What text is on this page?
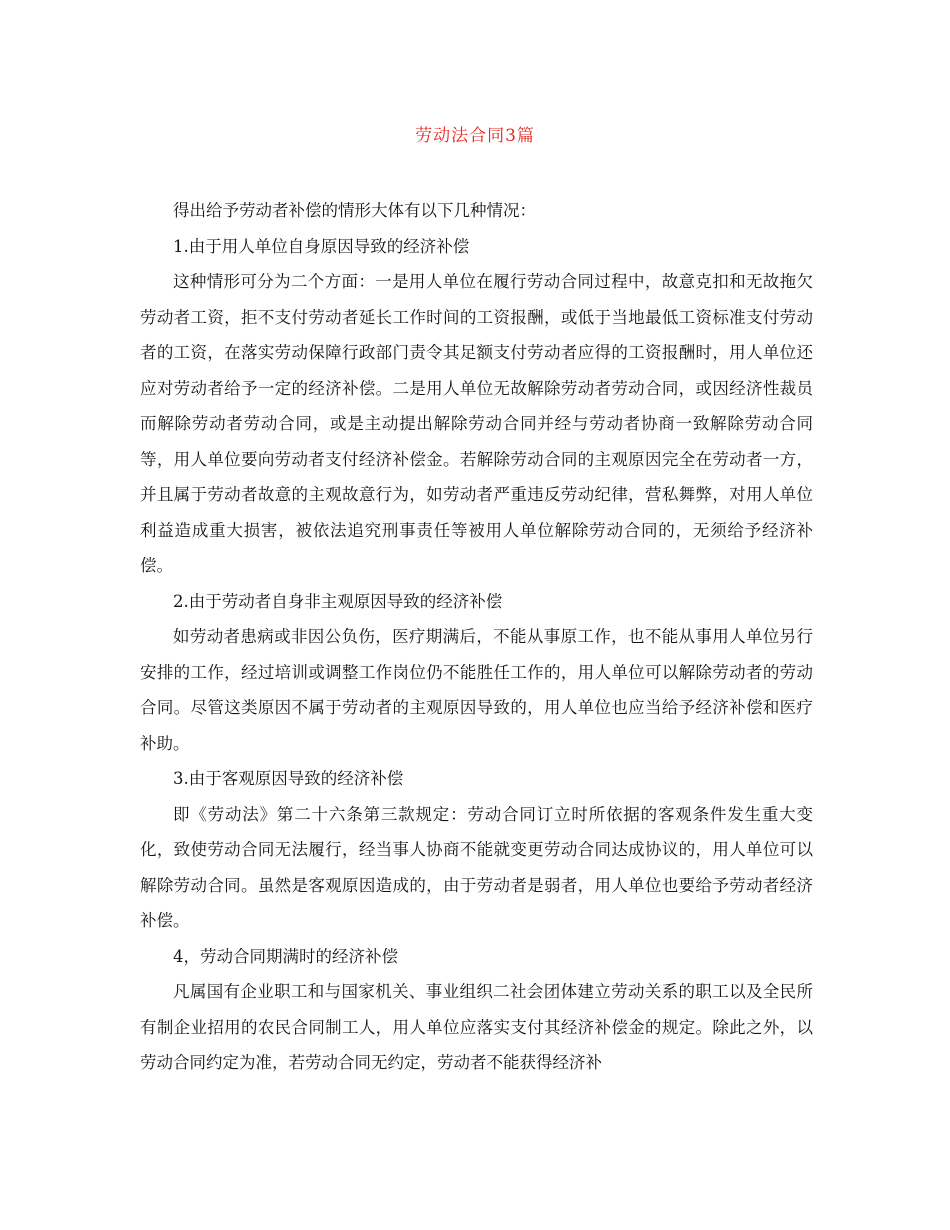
劳动法合同3篇

得出给予劳动者补偿的情形大体有以下几种情况：

1.由于用人单位自身原因导致的经济补偿

这种情形可分为二个方面：一是用人单位在履行劳动合同过程中，故意克扣和无故拖欠劳动者工资，拒不支付劳动者延长工作时间的工资报酬，或低于当地最低工资标准支付劳动者的工资，在落实劳动保障行政部门责令其足额支付劳动者应得的工资报酬时，用人单位还应对劳动者给予一定的经济补偿。二是用人单位无故解除劳动者劳动合同，或因经济性裁员而解除劳动者劳动合同，或是主动提出解除劳动合同并经与劳动者协商一致解除劳动合同等，用人单位要向劳动者支付经济补偿金。若解除劳动合同的主观原因完全在劳动者一方，并且属于劳动者故意的主观故意行为，如劳动者严重违反劳动纪律，营私舞弊，对用人单位利益造成重大损害，被依法追究刑事责任等被用人单位解除劳动合同的，无须给予经济补偿。

2.由于劳动者自身非主观原因导致的经济补偿

如劳动者患病或非因公负伤，医疗期满后，不能从事原工作，也不能从事用人单位另行安排的工作，经过培训或调整工作岗位仍不能胜任工作的，用人单位可以解除劳动者的劳动合同。尽管这类原因不属于劳动者的主观原因导致的，用人单位也应当给予经济补偿和医疗补助。

3.由于客观原因导致的经济补偿

即《劳动法》第二十六条第三款规定：劳动合同订立时所依据的客观条件发生重大变化，致使劳动合同无法履行，经当事人协商不能就变更劳动合同达成协议的，用人单位可以解除劳动合同。虽然是客观原因造成的，由于劳动者是弱者，用人单位也要给予劳动者经济补偿。

4，劳动合同期满时的经济补偿

凡属国有企业职工和与国家机关、事业组织二社会团体建立劳动关系的职工以及全民所有制企业招用的农民合同制工人，用人单位应落实支付其经济补偿金的规定。除此之外，以劳动合同约定为准，若劳动合同无约定，劳动者不能获得经济补
